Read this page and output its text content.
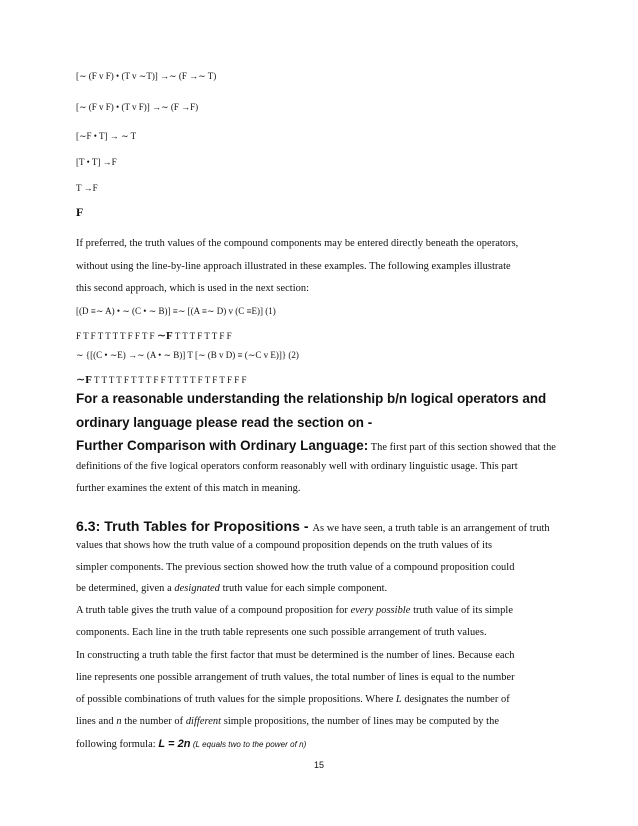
[∼ (F v F) • (T v ∼T)] →∼ (F →∼ T)
[∼ (F v F) • (T v F)] →∼ (F →F)
[∼F • T] → ∼ T
[T • T] →F
T →F
F
If preferred, the truth values of the compound components may be entered directly beneath the operators,
without using the line-by-line approach illustrated in these examples. The following examples illustrate
this second approach, which is used in the next section:
[(D ≡∼ A) • ∼ (C • ∼ B)] ≡∼ [(A ≡∼ D) v (C ≡E)] (1)
F T F T T T T F F T F ∼F T T T F T T F F
∼ {[(C • ∼E) →∼ (A • ∼ B)] T [∼ (B v D) ≡ (∼C v E)]} (2)
∼F T T T T F T T T F F T T T T F T F T F F F
For a reasonable understanding the relationship b/n logical operators and
ordinary language please read the section on -
Further Comparison with Ordinary Language: The first part of this section showed that the
definitions of the five logical operators conform reasonably well with ordinary linguistic usage. This part
further examines the extent of this match in meaning.
6.3: Truth Tables for Propositions - As we have seen, a truth table is an arrangement of truth
values that shows how the truth value of a compound proposition depends on the truth values of its
simpler components. The previous section showed how the truth value of a compound proposition could
be determined, given a designated truth value for each simple component.
A truth table gives the truth value of a compound proposition for every possible truth value of its simple
components. Each line in the truth table represents one such possible arrangement of truth values.
In constructing a truth table the first factor that must be determined is the number of lines. Because each
line represents one possible arrangement of truth values, the total number of lines is equal to the number
of possible combinations of truth values for the simple propositions. Where L designates the number of
lines and n the number of different simple propositions, the number of lines may be computed by the
following formula: L = 2n (L equals two to the power of n)
15
